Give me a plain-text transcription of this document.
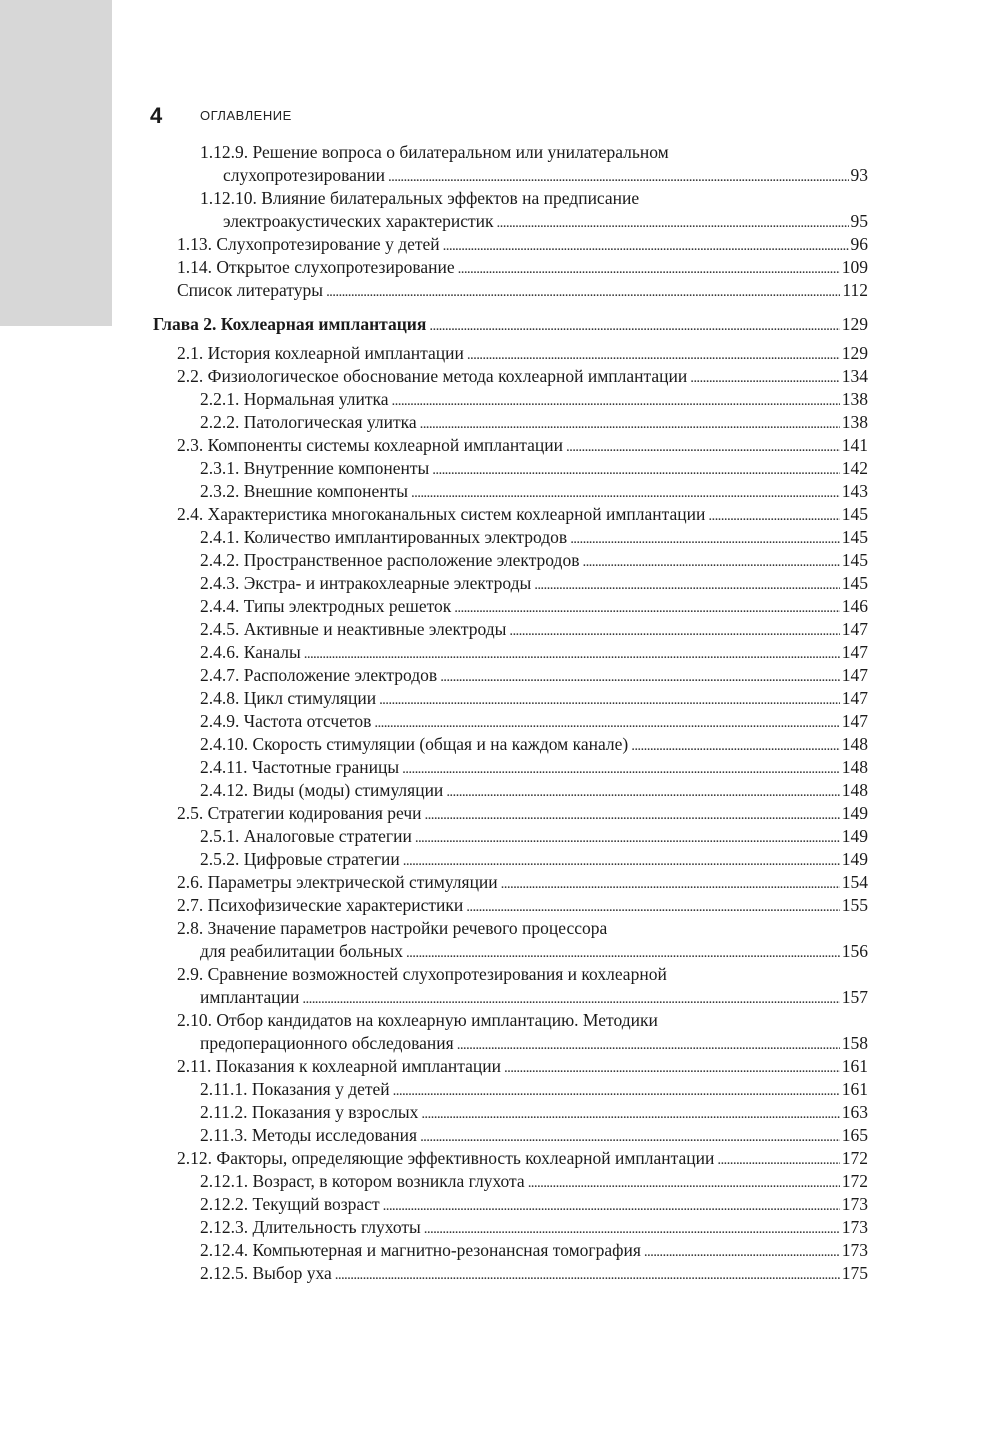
4	ОГЛАВЛЕНИЕ
1.12.9. Решение вопроса о билатеральном или унилатеральном
слухопротезировании . . .	93
1.12.10. Влияние билатеральных эффектов на предписание
электроакустических характеристик . . .	95
1.13. Слухопротезирование у детей . . .	96
1.14. Открытое слухопротезирование . . .	109
Список литературы . . .	112
Глава 2. Кохлеарная имплантация . . .	129
2.1. История кохлеарной имплантации . . .	129
2.2. Физиологическое обоснование метода кохлеарной имплантации . . .	134
2.2.1. Нормальная улитка . . .	138
2.2.2. Патологическая улитка . . .	138
2.3. Компоненты системы кохлеарной имплантации . . .	141
2.3.1. Внутренние компоненты . . .	142
2.3.2. Внешние компоненты . . .	143
2.4. Характеристика многоканальных систем кохлеарной имплантации . . .	145
2.4.1. Количество имплантированных электродов . . .	145
2.4.2. Пространственное расположение электродов . . .	145
2.4.3. Экстра- и интракохлеарные электроды . . .	145
2.4.4. Типы электродных решеток . . .	146
2.4.5. Активные и неактивные электроды . . .	147
2.4.6. Каналы . . .	147
2.4.7. Расположение электродов . . .	147
2.4.8. Цикл стимуляции . . .	147
2.4.9. Частота отсчетов . . .	147
2.4.10. Скорость стимуляции (общая и на каждом канале) . . .	148
2.4.11. Частотные границы . . .	148
2.4.12. Виды (моды) стимуляции . . .	148
2.5. Стратегии кодирования речи . . .	149
2.5.1. Аналоговые стратегии . . .	149
2.5.2. Цифровые стратегии . . .	149
2.6. Параметры электрической стимуляции . . .	154
2.7. Психофизические характеристики . . .	155
2.8. Значение параметров настройки речевого процессора
для реабилитации больных . . .	156
2.9. Сравнение возможностей слухопротезирования и кохлеарной
имплантации . . .	157
2.10. Отбор кандидатов на кохлеарную имплантацию. Методики
предоперационного обследования . . .	158
2.11. Показания к кохлеарной имплантации . . .	161
2.11.1. Показания у детей . . .	161
2.11.2. Показания у взрослых . . .	163
2.11.3. Методы исследования . . .	165
2.12. Факторы, определяющие эффективность кохлеарной имплантации . . .	172
2.12.1. Возраст, в котором возникла глухота . . .	172
2.12.2. Текущий возраст . . .	173
2.12.3. Длительность глухоты . . .	173
2.12.4. Компьютерная и магнитно-резонансная томография . . .	173
2.12.5. Выбор уха . . .	175
